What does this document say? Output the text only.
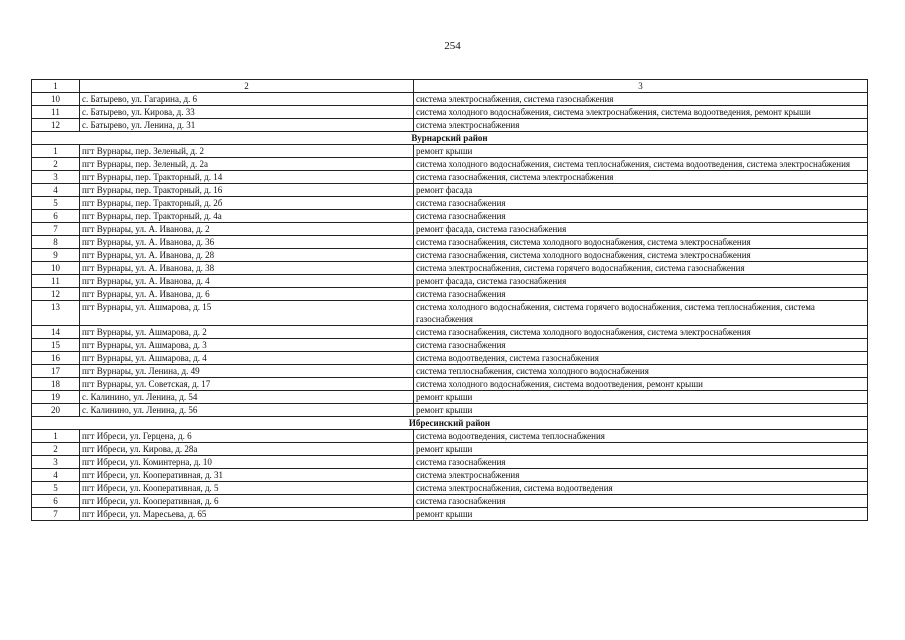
254
1	2	3
10	с. Батырево, ул. Гагарина, д. 6	система электроснабжения, система газоснабжения
11	с. Батырево, ул. Кирова, д. 33	система холодного водоснабжения, система электроснабжения, система водоотведения, ремонт крыши
12	с. Батырево, ул. Ленина, д. 31	система электроснабжения
Вурнарский район		
1	пгт Вурнары, пер. Зеленый, д. 2	ремонт крыши
2	пгт Вурнары, пер. Зеленый, д. 2а	система холодного водоснабжения, система теплоснабжения, система водоотведения, система электроснабжения
3	пгт Вурнары, пер. Тракторный, д. 14	система газоснабжения, система электроснабжения
4	пгт Вурнары, пер. Тракторный, д. 16	ремонт фасада
5	пгт Вурнары, пер. Тракторный, д. 2б	система газоснабжения
6	пгт Вурнары, пер. Тракторный, д. 4а	система газоснабжения
7	пгт Вурнары, ул. А. Иванова, д. 2	ремонт фасада, система газоснабжения
8	пгт Вурнары, ул. А. Иванова, д. 36	система газоснабжения, система холодного водоснабжения, система электроснабжения
9	пгт Вурнары, ул. А. Иванова, д. 28	система газоснабжения, система холодного водоснабжения, система электроснабжения
10	пгт Вурнары, ул. А. Иванова, д. 38	система электроснабжения, система горячего водоснабжения, система газоснабжения
11	пгт Вурнары, ул. А. Иванова, д. 4	ремонт фасада, система газоснабжения
12	пгт Вурнары, ул. А. Иванова, д. 6	система газоснабжения
13	пгт Вурнары, ул. Ашмарова, д. 15	система холодного водоснабжения, система горячего водоснабжения, система теплоснабжения, система газоснабжения
14	пгт Вурнары, ул. Ашмарова, д. 2	система газоснабжения, система холодного водоснабжения, система электроснабжения
15	пгт Вурнары, ул. Ашмарова, д. 3	система газоснабжения
16	пгт Вурнары, ул. Ашмарова, д. 4	система водоотведения, система газоснабжения
17	пгт Вурнары, ул. Ленина, д. 49	система теплоснабжения, система холодного водоснабжения
18	пгт Вурнары, ул. Советская, д. 17	система холодного водоснабжения, система водоотведения, ремонт крыши
19	с. Калинино, ул. Ленина, д. 54	ремонт крыши
20	с. Калинино, ул. Ленина, д. 56	ремонт крыши
Ибресинский район		
1	пгт Ибреси, ул. Герцена, д. 6	система водоотведения, система теплоснабжения
2	пгт Ибреси, ул. Кирова, д. 28а	ремонт крыши
3	пгт Ибреси, ул. Коминтерна, д. 10	система газоснабжения
4	пгт Ибреси, ул. Кооперативная, д. 31	система электроснабжения
5	пгт Ибреси, ул. Кооперативная, д. 5	система электроснабжения, система водоотведения
6	пгт Ибреси, ул. Кооперативная, д. 6	система газоснабжения
7	пгт Ибреси, ул. Маресьева, д. 65	ремонт крыши
